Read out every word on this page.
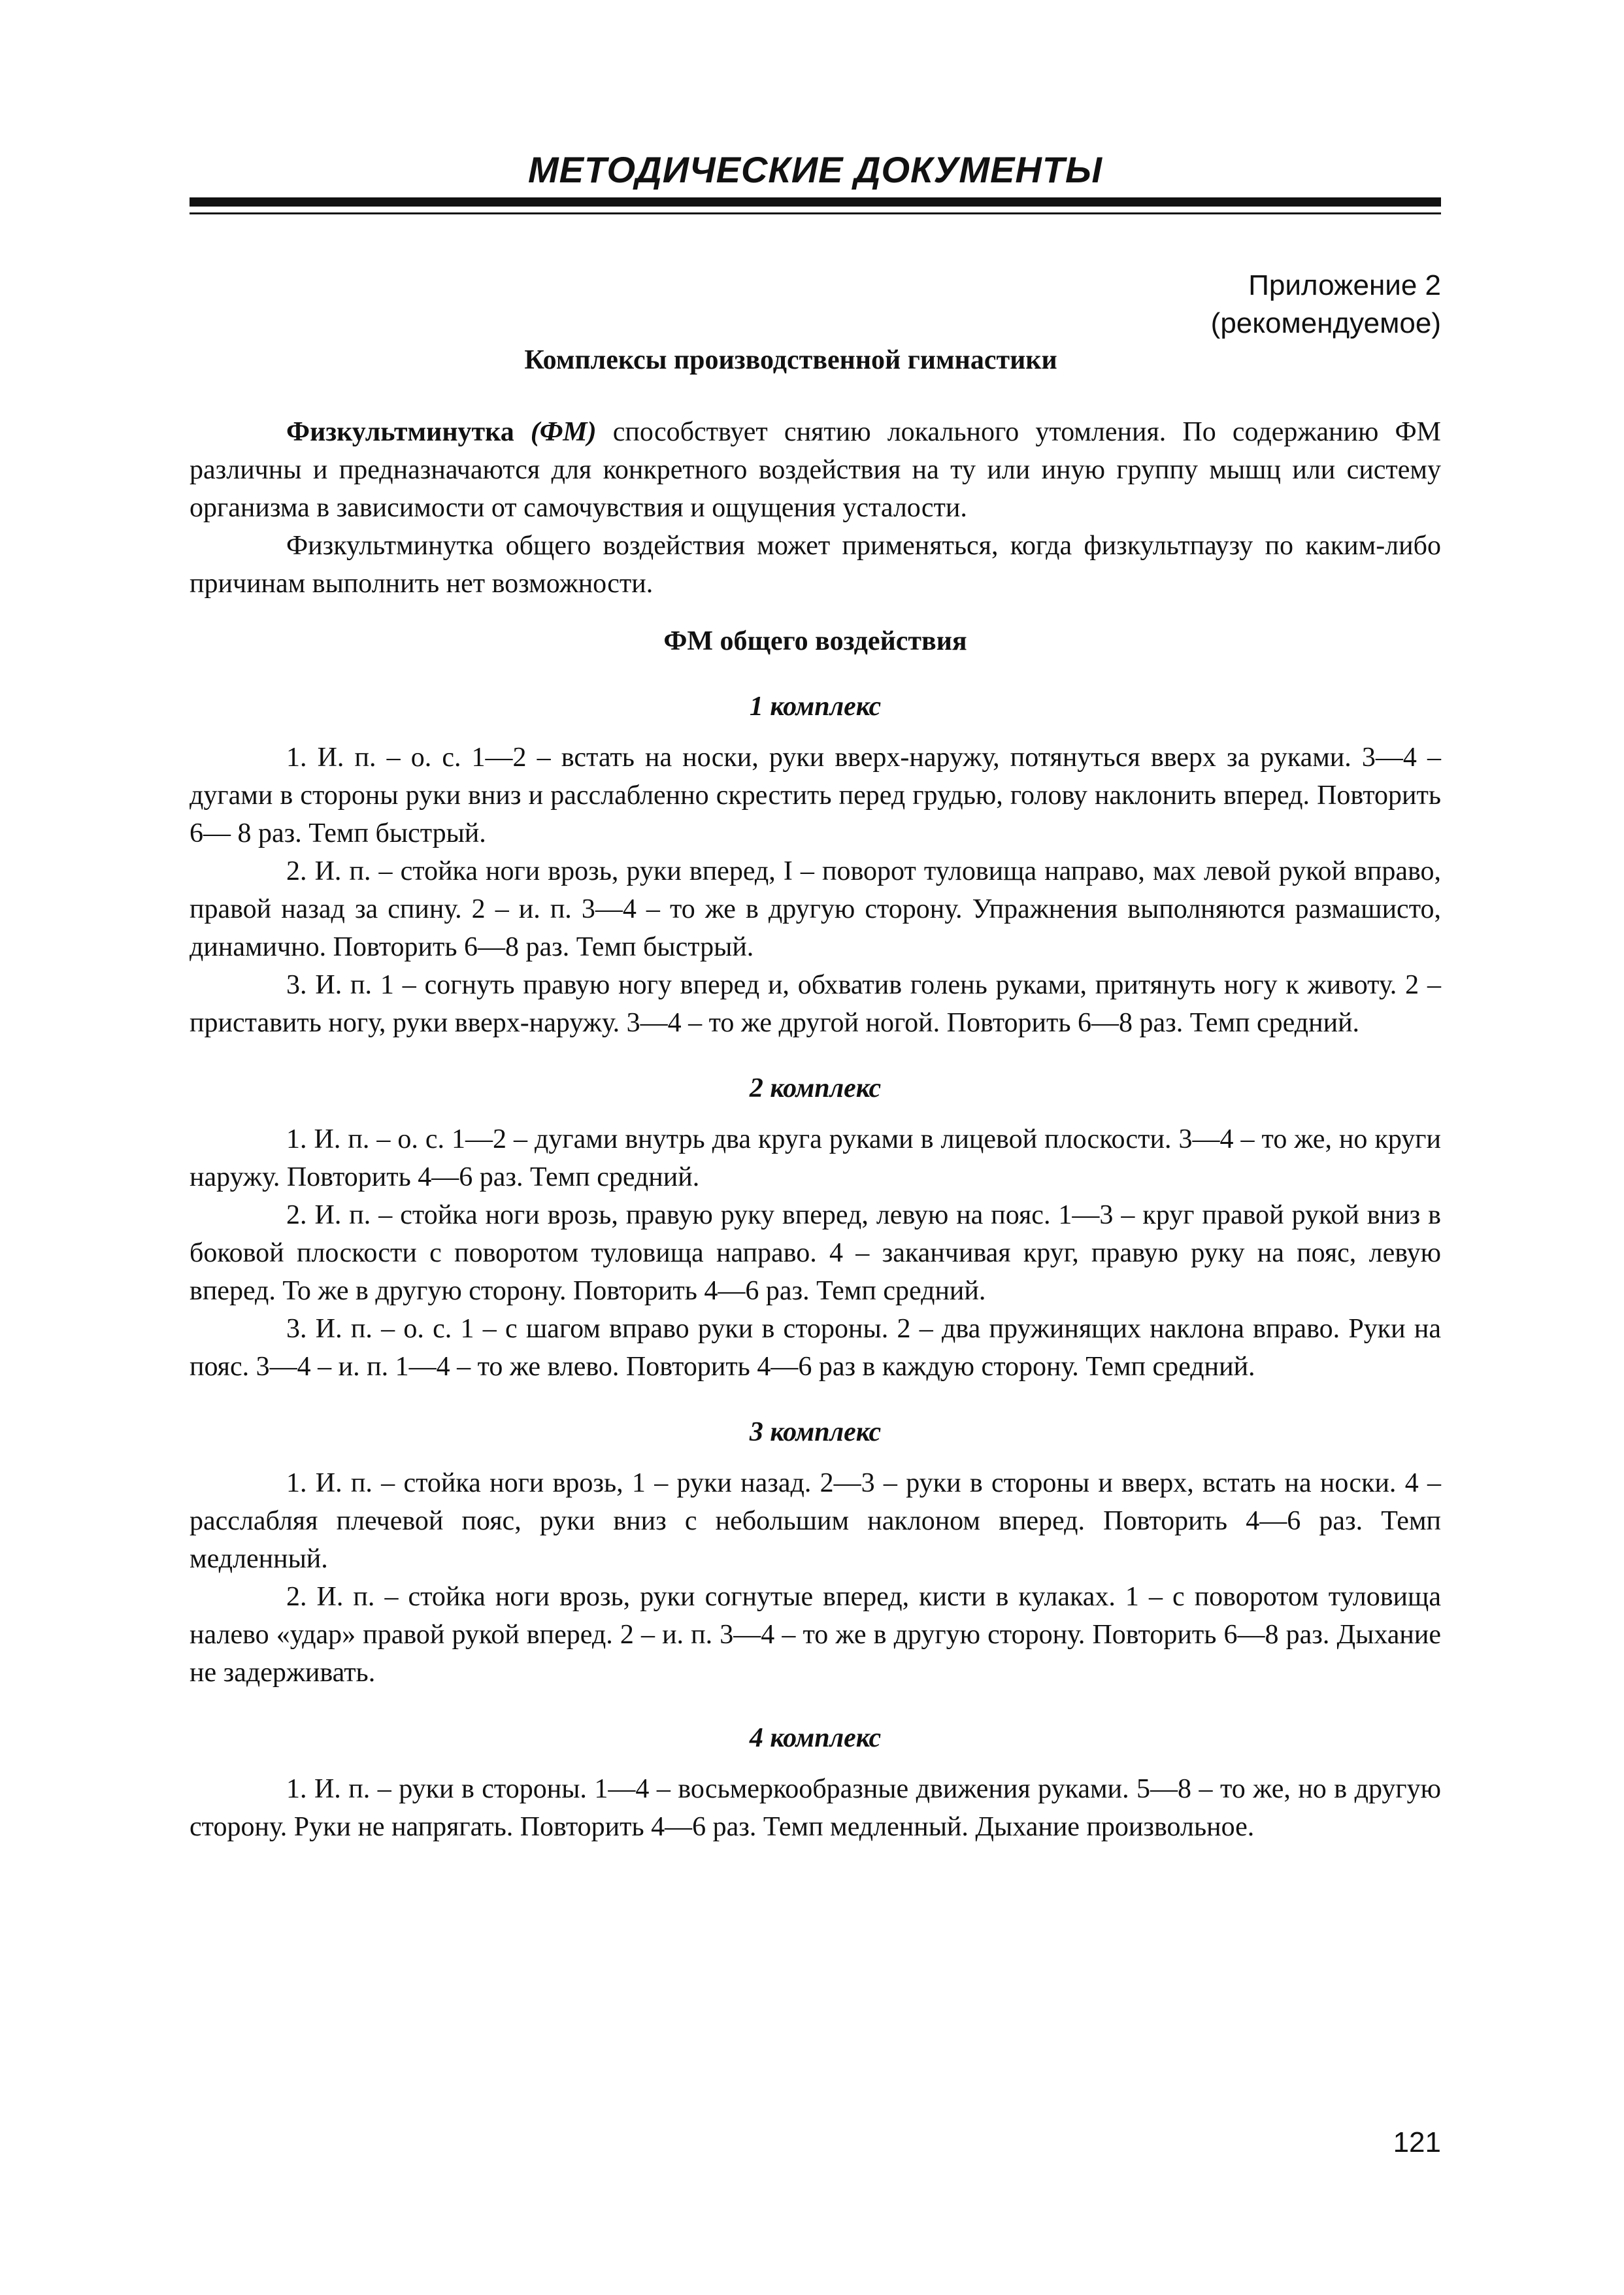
МЕТОДИЧЕСКИЕ ДОКУМЕНТЫ
Приложение 2
(рекомендуемое)
Комплексы производственной гимнастики

Физкультминутка (ФМ) способствует снятию локального утомления. По содержанию ФМ различны и предназначаются для конкретного воздействия на ту или иную группу мышц или систему организма в зависимости от самочувствия и ощущения усталости.

Физкультминутка общего воздействия может применяться, когда физкультпаузу по каким-либо причинам выполнить нет возможности.

ФМ общего воздействия
1 комплекс

1. И. п. – о. с. 1—2 – встать на носки, руки вверх-наружу, потянуться вверх за руками. 3—4 – дугами в стороны руки вниз и расслабленно скрестить перед грудью, голову наклонить вперед. Повторить 6— 8 раз. Темп быстрый.

2. И. п. – стойка ноги врозь, руки вперед, I – поворот туловища направо, мах левой рукой вправо, правой назад за спину. 2 – и. п. 3—4 – то же в другую сторону. Упражнения выполняются размашисто, динамично. Повторить 6—8 раз. Темп быстрый.

3. И. п. 1 – согнуть правую ногу вперед и, обхватив голень руками, притянуть ногу к животу. 2 – приставить ногу, руки вверх-наружу. 3—4 – то же другой ногой. Повторить 6—8 раз. Темп средний.

2 комплекс

1. И. п. – о. с. 1—2 – дугами внутрь два круга руками в лицевой плоскости. 3—4 – то же, но круги наружу. Повторить 4—6 раз. Темп средний.

2. И. п. – стойка ноги врозь, правую руку вперед, левую на пояс. 1—3 – круг правой рукой вниз в боковой плоскости с поворотом туловища направо. 4 – заканчивая круг, правую руку на пояс, левую вперед. То же в другую сторону. Повторить 4—6 раз. Темп средний.

3. И. п. – о. с. 1 – с шагом вправо руки в стороны. 2 – два пружинящих наклона вправо. Руки на пояс. 3—4 – и. п. 1—4 – то же влево. Повторить 4—6 раз в каждую сторону. Темп средний.

3 комплекс

1. И. п. – стойка ноги врозь, 1 – руки назад. 2—3 – руки в стороны и вверх, встать на носки. 4 – расслабляя плечевой пояс, руки вниз с небольшим наклоном вперед. Повторить 4—6 раз. Темп медленный.

2. И. п. – стойка ноги врозь, руки согнутые вперед, кисти в кулаках. 1 – с поворотом туловища налево «удар» правой рукой вперед. 2 – и. п. 3—4 – то же в другую сторону. Повторить 6—8 раз. Дыхание не задерживать.

4 комплекс

1. И. п. – руки в стороны. 1—4 – восьмеркообразные движения руками. 5—8 – то же, но в другую сторону. Руки не напрягать. Повторить 4—6 раз. Темп медленный. Дыхание произвольное.

121
